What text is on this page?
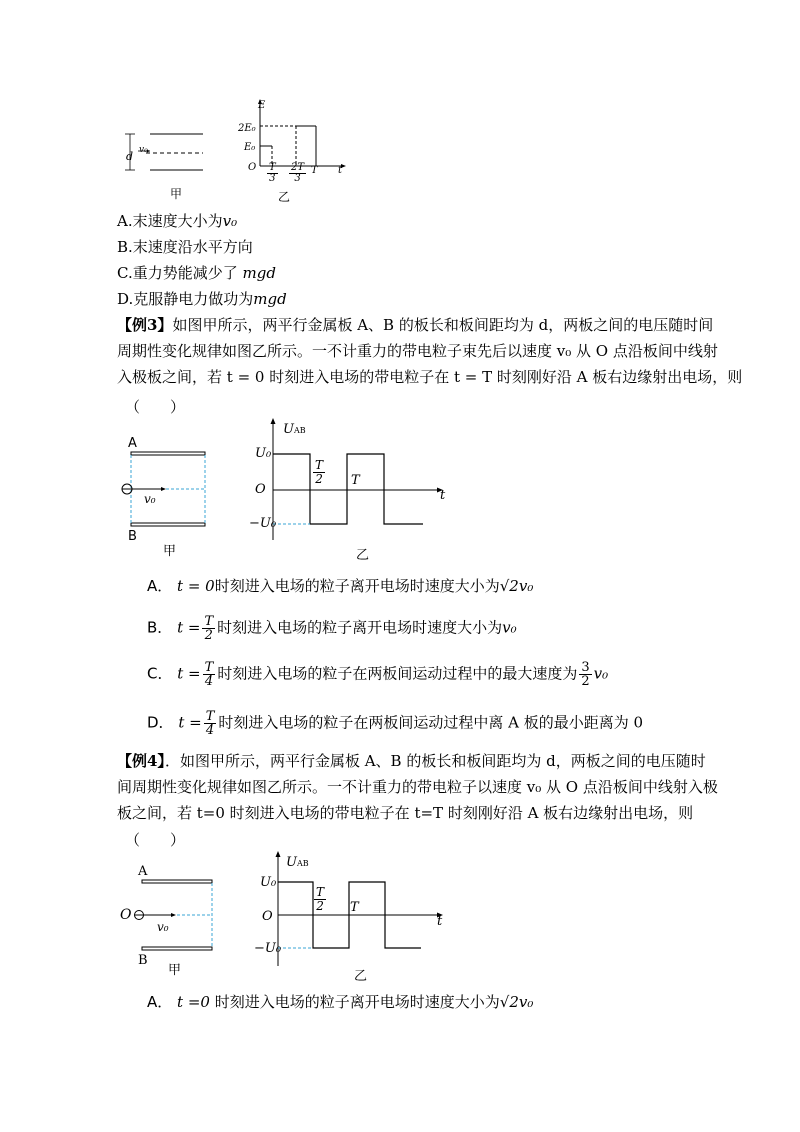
d v₀
甲
E
2E₀
E₀
O $\frac{T}{3} \frac{2T}{3}$ T t
乙
A.末速度大小为v₀
B.末速度沿水平方向
C.重力势能减少了 mgd
D.克服静电力做功为mgd
【例3】如图甲所示，两平行金属板 A、B 的板长和板间距均为 d，两板之间的电压随时间
周期性变化规律如图乙所示。一不计重力的带电粒子束先后以速度 v₀ 从 O 点沿板间中线射
入极板之间，若 t = 0 时刻进入电场的带电粒子在 t = T 时刻刚好沿 A 板右边缘射出电场，则
（　　）
A
B
v₀
甲
UAB
U₀
O
−U₀
$\frac{T}{2}$ T
t
乙
A． t = 0时刻进入电场的粒子离开电场时速度大小为√2v₀
B． $t = \frac{T}{2}$ 时刻进入电场的粒子离开电场时速度大小为v₀
C． $t = \frac{T}{4}$ 时刻进入电场的粒子在两板间运动过程中的最大速度为 $\frac{3}{2} v_0$
D． $t = \frac{T}{4}$ 时刻进入电场的粒子在两板间运动过程中离 A 板的最小距离为 0
【例4】．如图甲所示，两平行金属板 A、B 的板长和板间距均为 d，两板之间的电压随时
间周期性变化规律如图乙所示。一不计重力的带电粒子以速度 v₀ 从 O 点沿板间中线射入极
板之间，若 t=0 时刻进入电场的带电粒子在 t=T 时刻刚好沿 A 板右边缘射出电场，则
（　　）
A
B
O
v₀
甲
UAB
U₀
O
−U₀
$\frac{T}{2}$ T
t
乙
A． t =0 时刻进入电场的粒子离开电场时速度大小为√2v₀
